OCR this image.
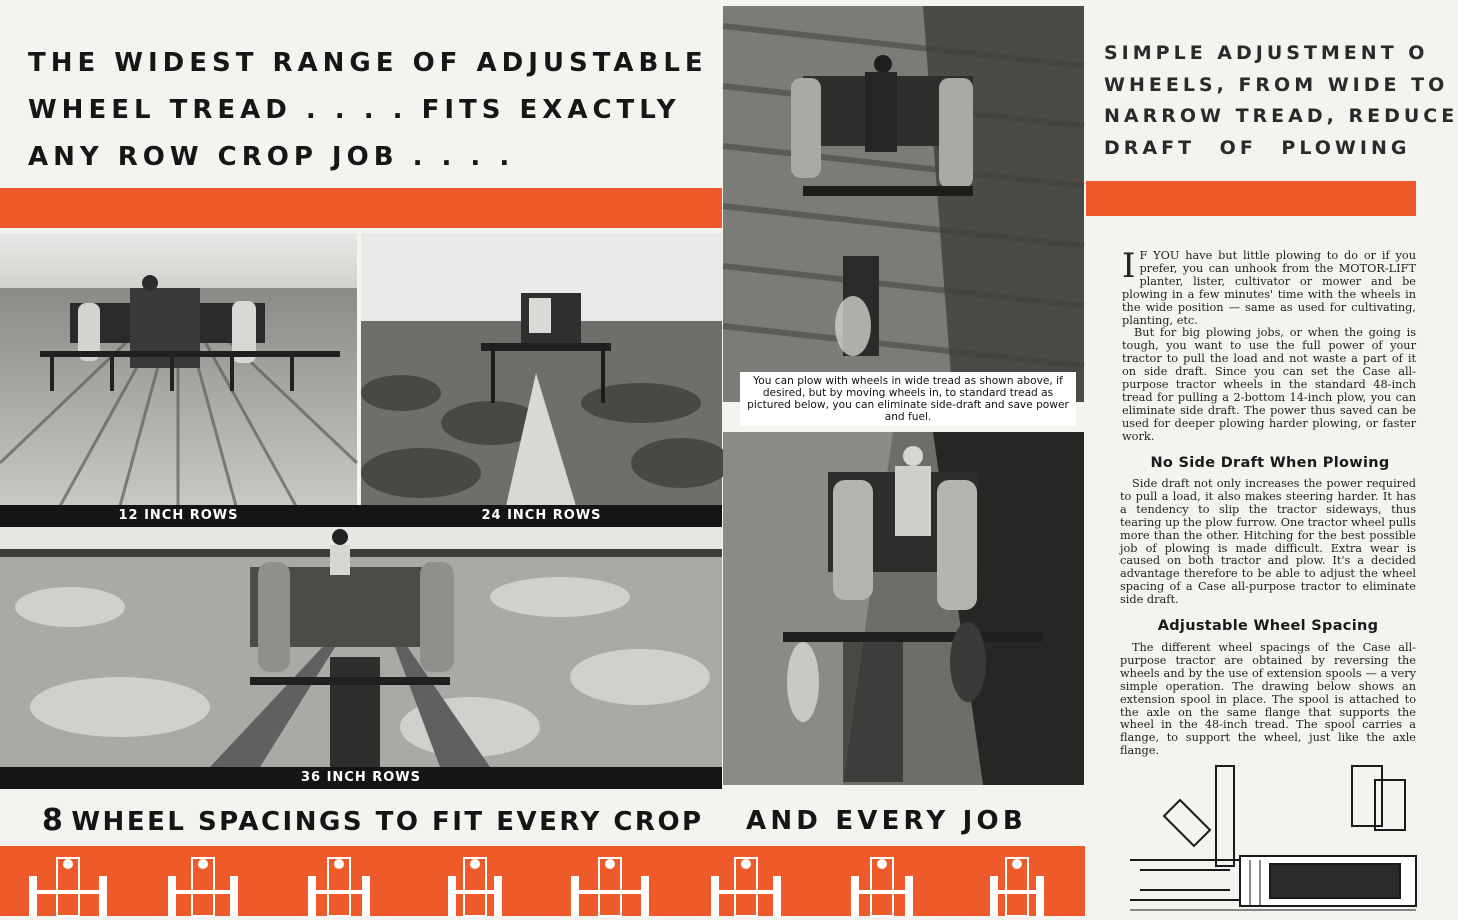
THE WIDEST RANGE OF ADJUSTABLE
WHEEL TREAD . . . . FITS EXACTLY
ANY ROW CROP JOB . . . .
12 INCH ROWS	24 INCH ROWS
36 INCH ROWS
8 WHEEL SPACINGS TO FIT EVERY CROP AND EVERY JOB
You can plow with wheels in wide tread as shown above, if desired, but by moving wheels in, to standard tread as pictured below, you can eliminate side-draft and save power and fuel.
SIMPLE ADJUSTMENT O
WHEELS, FROM WIDE TO
NARROW TREAD, REDUCE
DRAFT OF PLOWING

I F YOU have but little plowing to do or if you prefer, you can unhook from the MOTOR-LIFT planter, lister, cultivator or mower and be plowing in a few minutes' time with the wheels in the wide position — same as used for cultivating, planting, etc.

But for big plowing jobs, or when the going is tough, you want to use the full power of your tractor to pull the load and not waste a part of it on side draft. Since you can set the Case all-purpose tractor wheels in the standard 48-inch tread for pulling a 2-bottom 14-inch plow, you can eliminate side draft. The power thus saved can be used for deeper plowing harder plowing, or faster work.

No Side Draft When Plowing

Side draft not only increases the power required to pull a load, it also makes steering harder. It has a tendency to slip the tractor sideways, thus tearing up the plow furrow. One tractor wheel pulls more than the other. Hitching for the best possible job of plowing is made difficult. Extra wear is caused on both tractor and plow. It's a decided advantage therefore to be able to adjust the wheel spacing of a Case all-purpose tractor to eliminate side draft.

Adjustable Wheel Spacing

The different wheel spacings of the Case all-purpose tractor are obtained by reversing the wheels and by the use of extension spools — a very simple operation. The drawing below shows an extension spool in place. The spool is attached to the axle on the same flange that supports the wheel in the 48-inch tread. The spool carries a flange, to support the wheel, just like the axle flange.
